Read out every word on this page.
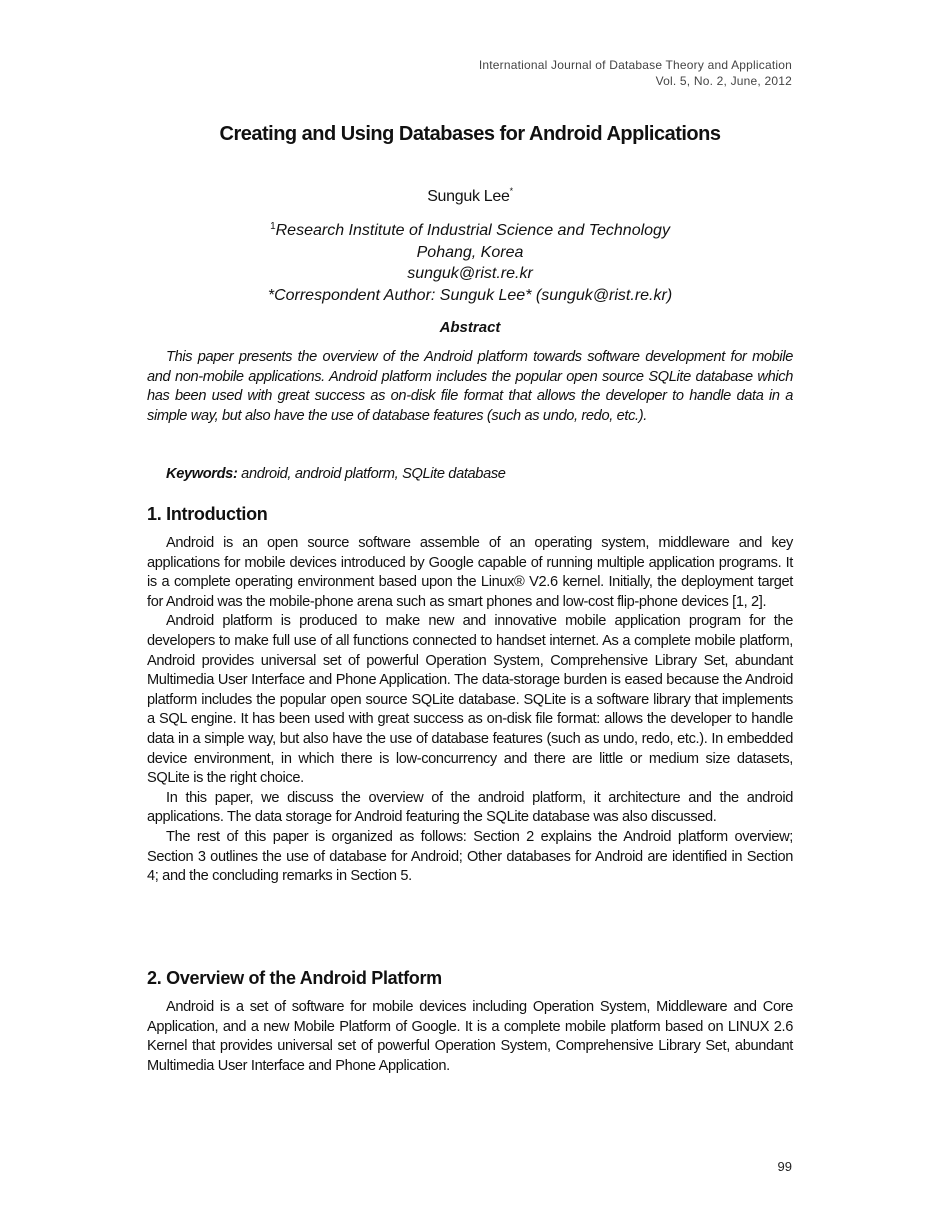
International Journal of Database Theory and Application
Vol. 5, No. 2, June, 2012
Creating and Using Databases for Android Applications
Sunguk Lee*
$^1$Research Institute of Industrial Science and Technology
Pohang, Korea
sunguk@rist.re.kr
*Correspondent Author: Sunguk Lee* (sunguk@rist.re.kr)
Abstract

This paper presents the overview of the Android platform towards software development for mobile and non-mobile applications. Android platform includes the popular open source SQLite database which has been used with great success as on-disk file format that allows the developer to handle data in a simple way, but also have the use of database features (such as undo, redo, etc.).

Keywords: android, android platform, SQLite database

1. Introduction

Android is an open source software assemble of an operating system, middleware and key applications for mobile devices introduced by Google capable of running multiple application programs. It is a complete operating environment based upon the Linux® V2.6 kernel. Initially, the deployment target for Android was the mobile-phone arena such as smart phones and low-cost flip-phone devices [1, 2].

Android platform is produced to make new and innovative mobile application program for the developers to make full use of all functions connected to handset internet. As a complete mobile platform, Android provides universal set of powerful Operation System, Comprehensive Library Set, abundant Multimedia User Interface and Phone Application. The data-storage burden is eased because the Android platform includes the popular open source SQLite database. SQLite is a software library that implements a SQL engine. It has been used with great success as on-disk file format: allows the developer to handle data in a simple way, but also have the use of database features (such as undo, redo, etc.). In embedded device environment, in which there is low-concurrency and there are little or medium size datasets, SQLite is the right choice.

In this paper, we discuss the overview of the android platform, it architecture and the android applications. The data storage for Android featuring the SQLite database was also discussed.

The rest of this paper is organized as follows: Section 2 explains the Android platform overview; Section 3 outlines the use of database for Android; Other databases for Android are identified in Section 4; and the concluding remarks in Section 5.

2. Overview of the Android Platform

Android is a set of software for mobile devices including Operation System, Middleware and Core Application, and a new Mobile Platform of Google. It is a complete mobile platform based on LINUX 2.6 Kernel that provides universal set of powerful Operation System, Comprehensive Library Set, abundant Multimedia User Interface and Phone Application.

99
